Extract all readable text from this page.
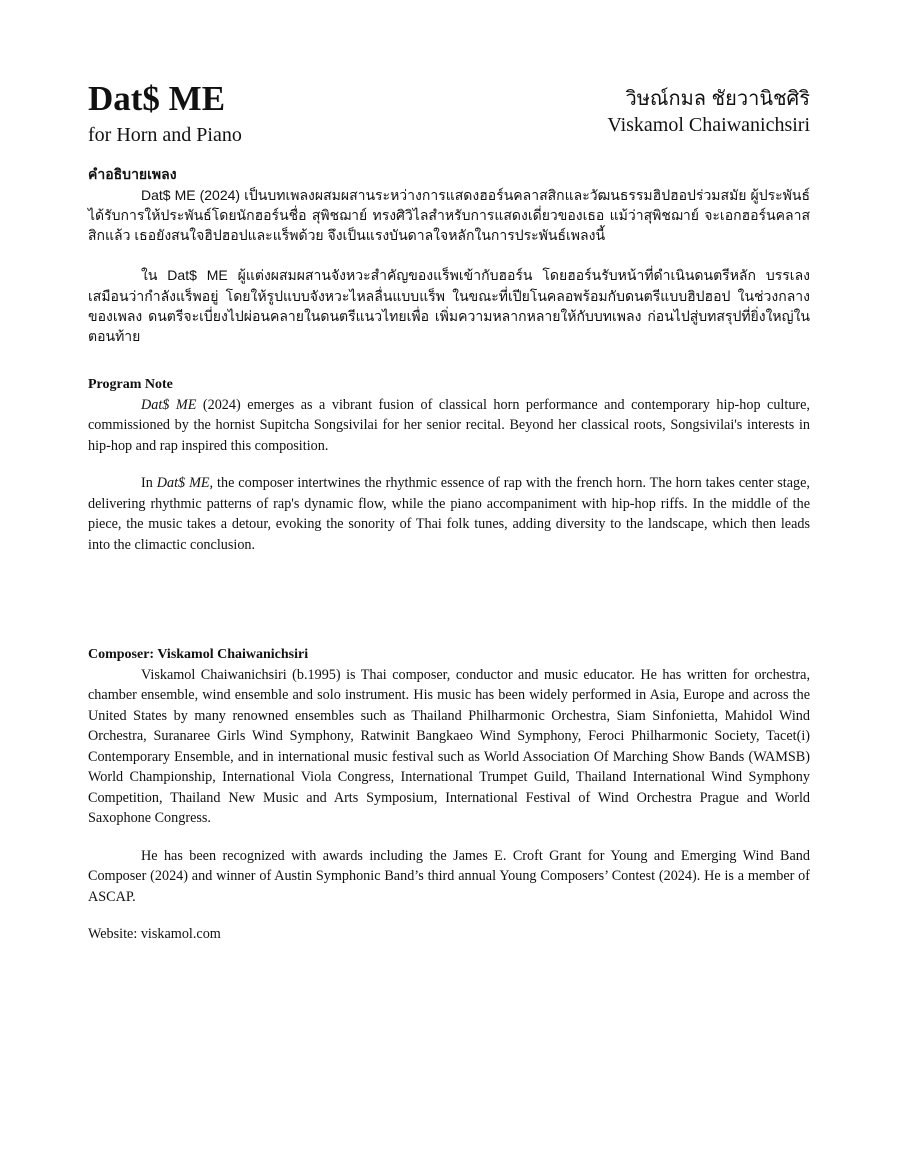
Dat$ ME
for Horn and Piano
วิษณ์กมล ชัยวานิชศิริ
Viskamol Chaiwanichsiri
คำอธิบายเพลง

Dat$ ME (2024) เป็นบทเพลงผสมผสานระหว่างการแสดงฮอร์นคลาสสิกและวัฒนธรรมฮิปฮอปร่วมสมัย ผู้ประพันธ์ได้รับการให้ประพันธ์โดยนักฮอร์นชื่อ สุพิชฌาย์ ทรงศิวิไลสำหรับการแสดงเดี่ยวของเธอ แม้ว่าสุพิชฌาย์ จะเอกฮอร์นคลาสสิกแล้ว เธอยังสนใจฮิปฮอปและแร็พด้วย จึงเป็นแรงบันดาลใจหลักในการประพันธ์เพลงนี้

ใน Dat$ ME ผู้แต่งผสมผสานจังหวะสำคัญของแร็พเข้ากับฮอร์น โดยฮอร์นรับหน้าที่ดำเนินดนตรีหลัก บรรเลงเสมือนว่ากำลังแร็พอยู่ โดยให้รูปแบบจังหวะไหลลื่นแบบแร็พ ในขณะที่เปียโนคลอพร้อมกับดนตรีแบบฮิปฮอป ในช่วงกลางของเพลง ดนตรีจะเบี่ยงไปผ่อนคลายในดนตรีแนวไทยเพื่อ เพิ่มความหลากหลายให้กับบทเพลง ก่อนไปสู่บทสรุปที่ยิ่งใหญ่ในตอนท้าย

Program Note

Dat$ ME (2024) emerges as a vibrant fusion of classical horn performance and contemporary hip-hop culture, commissioned by the hornist Supitcha Songsivilai for her senior recital. Beyond her classical roots, Songsivilai's interests in hip-hop and rap inspired this composition.

In Dat$ ME, the composer intertwines the rhythmic essence of rap with the french horn. The horn takes center stage, delivering rhythmic patterns of rap's dynamic flow, while the piano accompaniment with hip-hop riffs. In the middle of the piece, the music takes a detour, evoking the sonority of Thai folk tunes, adding diversity to the landscape, which then leads into the climactic conclusion.

Composer: Viskamol Chaiwanichsiri

Viskamol Chaiwanichsiri (b.1995) is Thai composer, conductor and music educator. He has written for orchestra, chamber ensemble, wind ensemble and solo instrument. His music has been widely performed in Asia, Europe and across the United States by many renowned ensembles such as Thailand Philharmonic Orchestra, Siam Sinfonietta, Mahidol Wind Orchestra, Suranaree Girls Wind Symphony, Ratwinit Bangkaeo Wind Symphony, Feroci Philharmonic Society, Tacet(i) Contemporary Ensemble, and in international music festival such as World Association Of Marching Show Bands (WAMSB) World Championship, International Viola Congress, International Trumpet Guild, Thailand International Wind Symphony Competition, Thailand New Music and Arts Symposium, International Festival of Wind Orchestra Prague and World Saxophone Congress.

He has been recognized with awards including the James E. Croft Grant for Young and Emerging Wind Band Composer (2024) and winner of Austin Symphonic Band’s third annual Young Composers’ Contest (2024). He is a member of ASCAP.

Website: viskamol.com
